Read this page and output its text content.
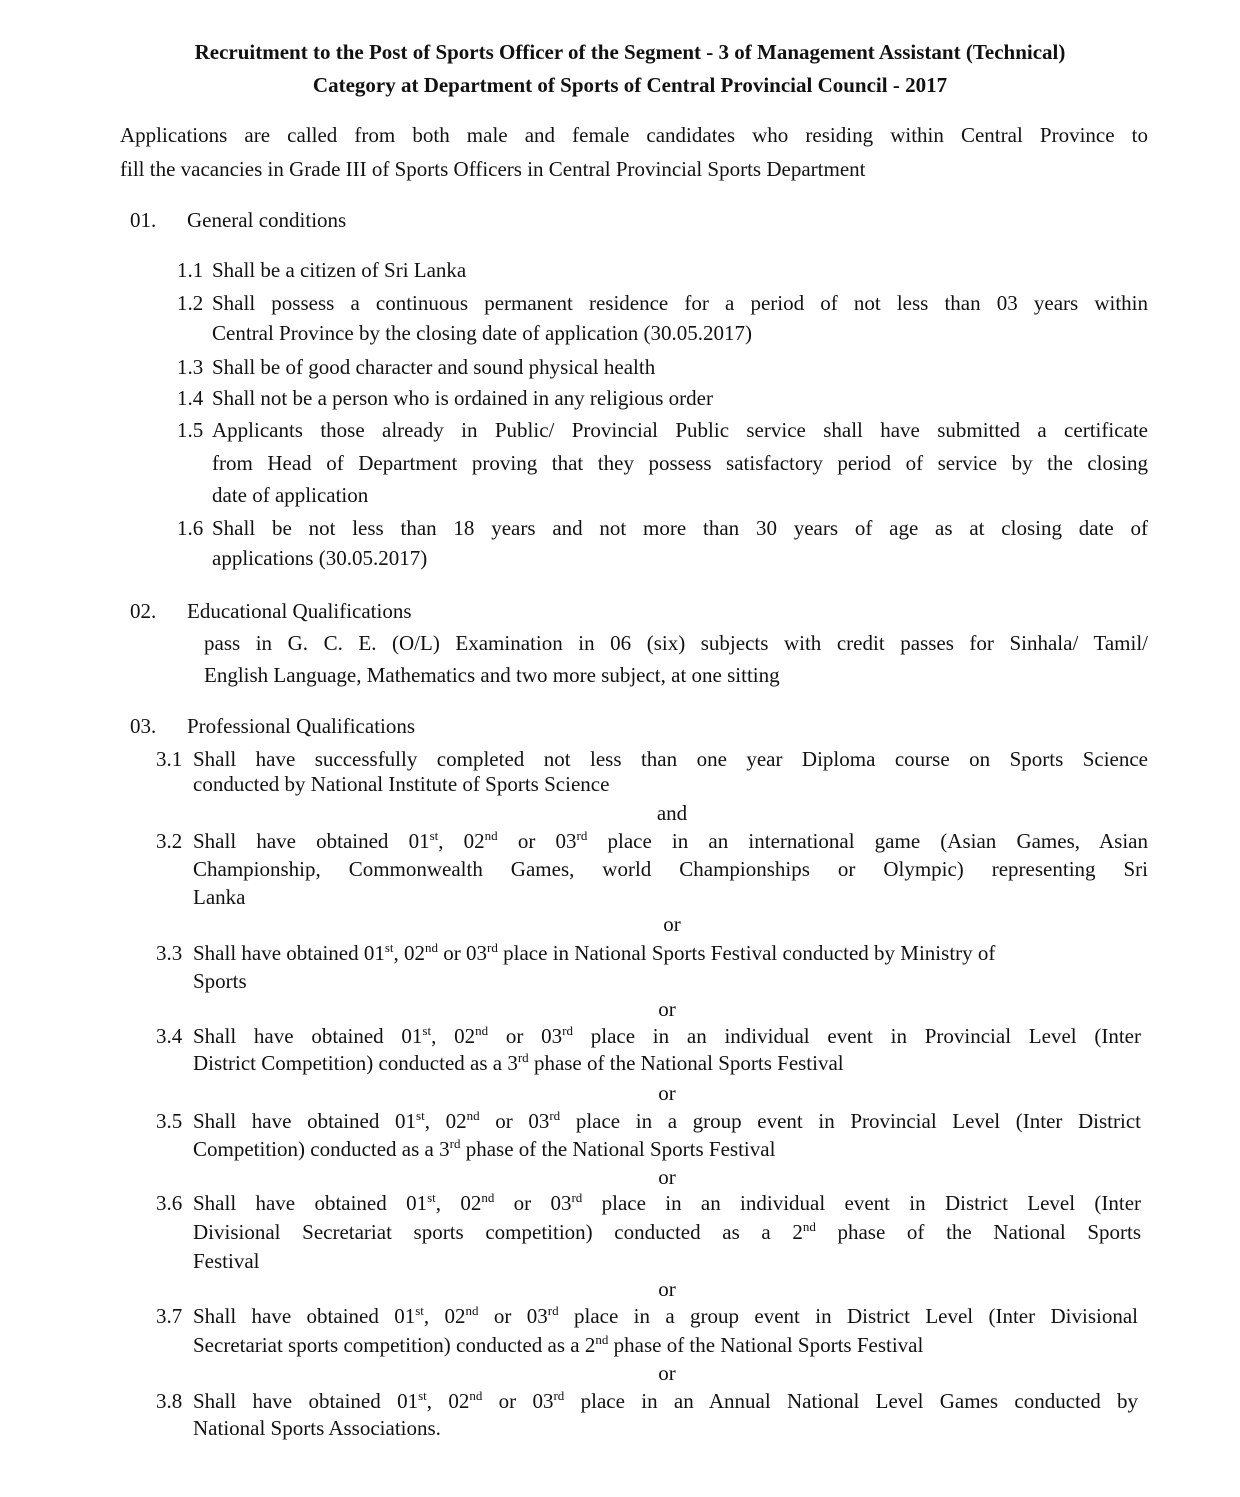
Recruitment to the Post of Sports Officer of the Segment - 3 of Management Assistant (Technical)
Category at Department of Sports of Central Provincial Council - 2017
Applications are called from both male and female candidates who residing within Central Province to
fill the vacancies in Grade III of Sports Officers in Central Provincial Sports Department
01. General conditions
1.1 Shall be a citizen of Sri Lanka
1.2 Shall possess a continuous permanent residence for a period of not less than 03 years within
Central Province by the closing date of application (30.05.2017)
1.3 Shall be of good character and sound physical health
1.4 Shall not be a person who is ordained in any religious order
1.5 Applicants those already in Public/ Provincial Public service shall have submitted a certificate
from Head of Department proving that they possess satisfactory period of service by the closing
date of application
1.6 Shall be not less than 18 years and not more than 30 years of age as at closing date of
applications (30.05.2017)
02. Educational Qualifications
pass in G. C. E. (O/L) Examination in 06 (six) subjects with credit passes for Sinhala/ Tamil/
English Language, Mathematics and two more subject, at one sitting
03. Professional Qualifications
3.1 Shall have successfully completed not less than one year Diploma course on Sports Science
conducted by National Institute of Sports Science
and
3.2 Shall have obtained 01st, 02nd or 03rd place in an international game (Asian Games, Asian
Championship, Commonwealth Games, world Championships or Olympic) representing Sri
Lanka
or
3.3 Shall have obtained 01st, 02nd or 03rd place in National Sports Festival conducted by Ministry of
Sports
or
3.4 Shall have obtained 01st, 02nd or 03rd place in an individual event in Provincial Level (Inter
District Competition) conducted as a 3rd phase of the National Sports Festival
or
3.5 Shall have obtained 01st, 02nd or 03rd place in a group event in Provincial Level (Inter District
Competition) conducted as a 3rd phase of the National Sports Festival
or
3.6 Shall have obtained 01st, 02nd or 03rd place in an individual event in District Level (Inter
Divisional Secretariat sports competition) conducted as a 2nd phase of the National Sports
Festival
or
3.7 Shall have obtained 01st, 02nd or 03rd place in a group event in District Level (Inter Divisional
Secretariat sports competition) conducted as a 2nd phase of the National Sports Festival
or
3.8 Shall have obtained 01st, 02nd or 03rd place in an Annual National Level Games conducted by
National Sports Associations.
